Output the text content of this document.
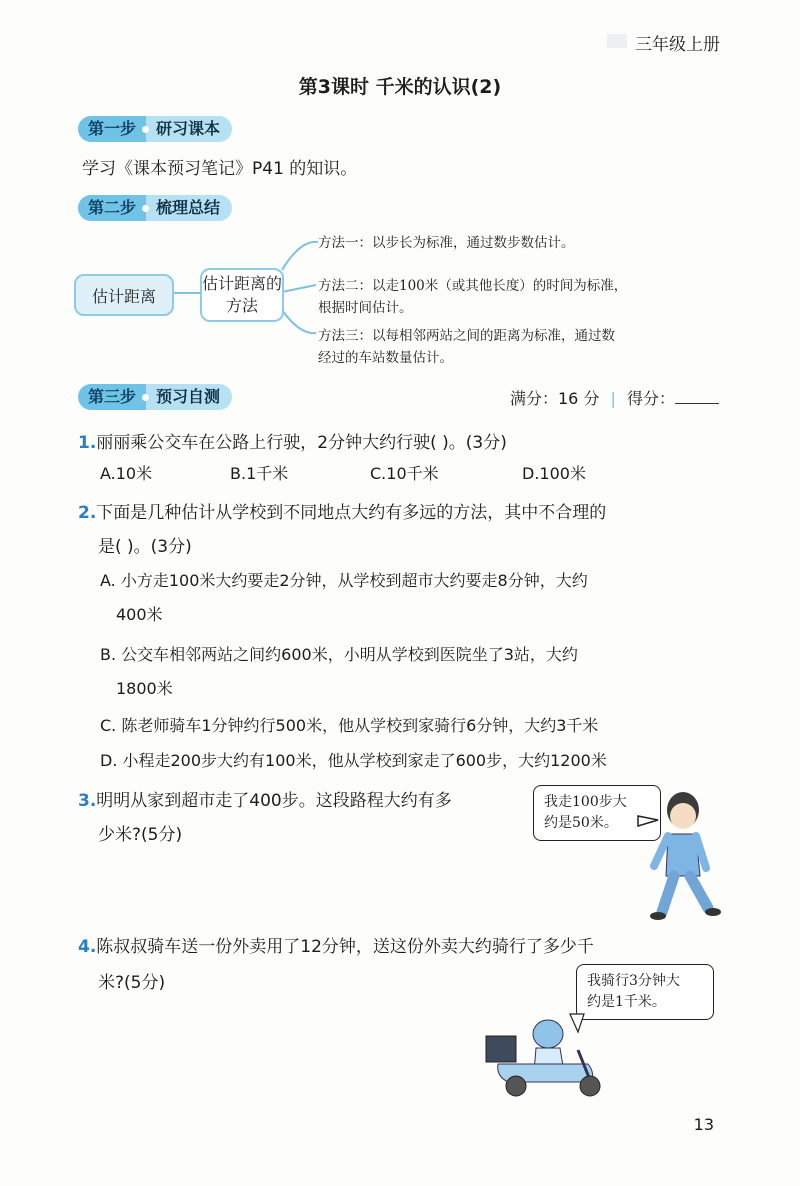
三年级上册
第3课时 千米的认识(2)
第一步	研习课本
学习《课本预习笔记》P41 的知识。
第二步	梳理总结
估计距离
估计距离的方法
方法一：以步长为标准，通过数步数估计。
方法二：以走100米（或其他长度）的时间为标准，
根据时间估计。
方法三：以每相邻两站之间的距离为标准，通过数
经过的车站数量估计。
第三步	预习自测	满分：16 分 | 得分：
1.丽丽乘公交车在公路上行驶，2分钟大约行驶( )。(3分)
A.10米	B.1千米	C.10千米	D.100米
2.下面是几种估计从学校到不同地点大约有多远的方法，其中不合理的
是( )。(3分)
A. 小方走100米大约要走2分钟，从学校到超市大约要走8分钟，大约
400米
B. 公交车相邻两站之间约600米，小明从学校到医院坐了3站，大约
1800米
C. 陈老师骑车1分钟约行500米，他从学校到家骑行6分钟，大约3千米
D. 小程走200步大约有100米，他从学校到家走了600步，大约1200米
3.明明从家到超市走了400步。这段路程大约有多
少米?(5分)
我走100步大
约是50米。
4.陈叔叔骑车送一份外卖用了12分钟，送这份外卖大约骑行了多少千
米?(5分)	我骑行3分钟大
约是1千米。
13
